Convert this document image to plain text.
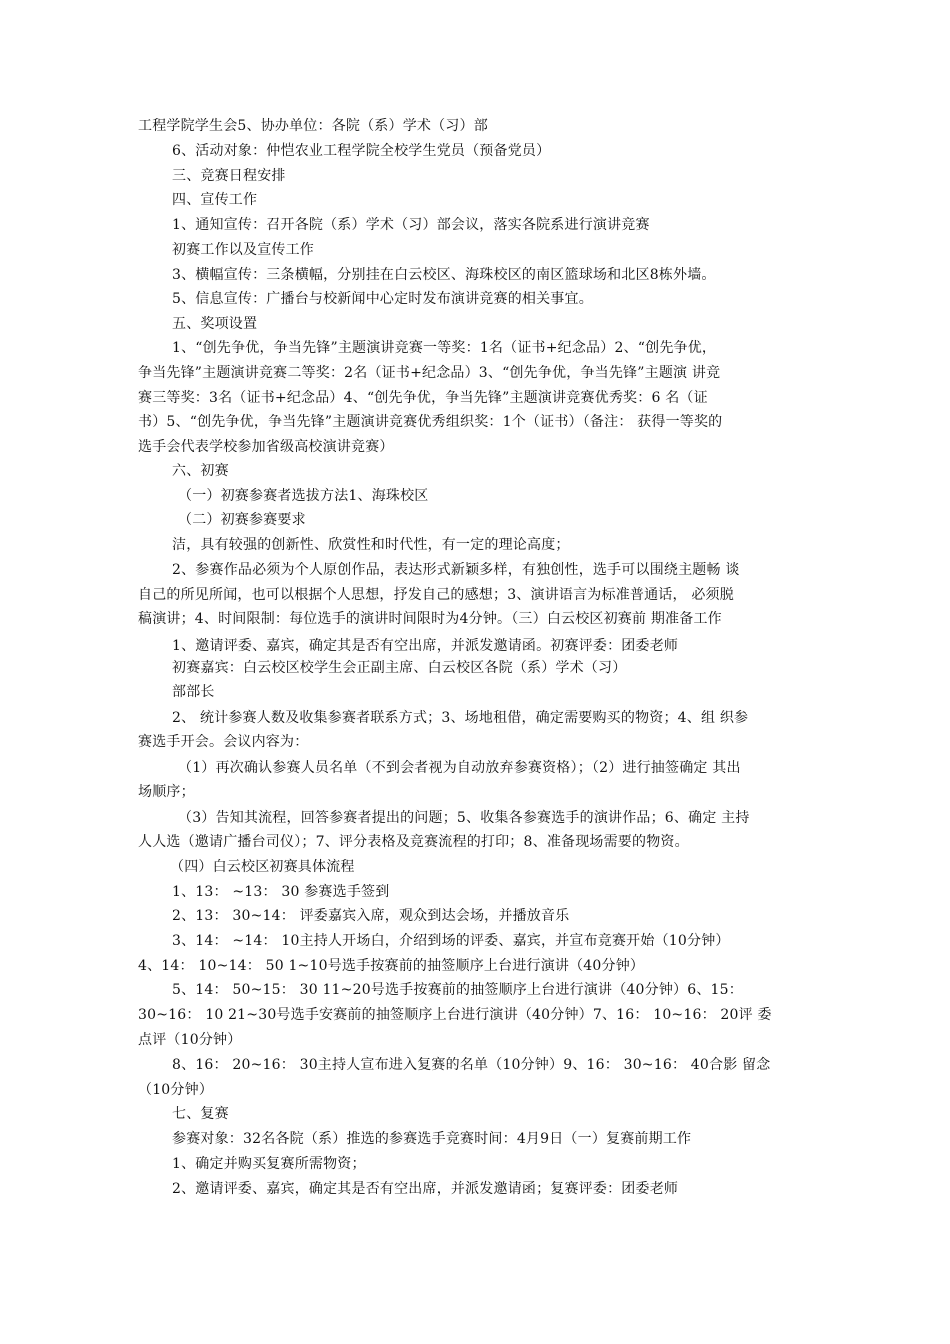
工程学院学生会5、协办单位：各院（系）学术（习）部
6、活动对象：仲恺农业工程学院全校学生党员（预备党员）
三、竞赛日程安排
四、宣传工作
1、通知宣传：召开各院（系）学术（习）部会议，落实各院系进行演讲竞赛
初赛工作以及宣传工作
3、横幅宣传：三条横幅，分别挂在白云校区、海珠校区的南区篮球场和北区8栋外墙。
5、信息宣传：广播台与校新闻中心定时发布演讲竞赛的相关事宜。
五、奖项设置
1、“创先争优，争当先锋”主题演讲竞赛一等奖：1名（证书+纪念品）2、“创先争优，
争当先锋”主题演讲竞赛二等奖：2名（证书+纪念品）3、“创先争优，争当先锋”主题演 讲竞
赛三等奖：3名（证书+纪念品）4、“创先争优，争当先锋”主题演讲竞赛优秀奖：6 名（证
书）5、“创先争优，争当先锋”主题演讲竞赛优秀组织奖：1个（证书）（备注： 获得一等奖的
选手会代表学校参加省级高校演讲竞赛）
六、初赛
（一）初赛参赛者选拔方法1、海珠校区
（二）初赛参赛要求
洁，具有较强的创新性、欣赏性和时代性，有一定的理论高度；
2、参赛作品必须为个人原创作品，表达形式新颖多样，有独创性，选手可以围绕主题畅 谈
自己的所见所闻，也可以根据个人思想，抒发自己的感想；3、演讲语言为标准普通话， 必须脱
稿演讲；4、时间限制：每位选手的演讲时间限时为4分钟。（三）白云校区初赛前 期准备工作
1、邀请评委、嘉宾，确定其是否有空出席，并派发邀请函。初赛评委：团委老师
初赛嘉宾：白云校区校学生会正副主席、白云校区各院（系）学术（习）
部部长
2、 统计参赛人数及收集参赛者联系方式；3、场地租借，确定需要购买的物资；4、组 织参
赛选手开会。会议内容为：
（1）再次确认参赛人员名单（不到会者视为自动放弃参赛资格）；（2）进行抽签确定 其出
场顺序；
（3）告知其流程，回答参赛者提出的问题；5、收集各参赛选手的演讲作品；6、确定 主持
人人选（邀请广播台司仪）；7、评分表格及竞赛流程的打印；8、准备现场需要的物资。
（四）白云校区初赛具体流程
1、13： ~13： 30 参赛选手签到
2、13： 30~14： 评委嘉宾入席，观众到达会场，并播放音乐
3、14： ~14： 10主持人开场白，介绍到场的评委、嘉宾，并宣布竞赛开始（10分钟）
4、14： 10~14： 50 1~10号选手按赛前的抽签顺序上台进行演讲（40分钟）
5、14： 50~15： 30 11~20号选手按赛前的抽签顺序上台进行演讲（40分钟）6、15：
30~16： 10 21~30号选手安赛前的抽签顺序上台进行演讲（40分钟）7、16： 10~16： 20评 委
点评（10分钟）
8、16： 20~16： 30主持人宣布进入复赛的名单（10分钟）9、16： 30~16： 40合影 留念
（10分钟）
七、复赛
参赛对象：32名各院（系）推选的参赛选手竞赛时间：4月9日（一）复赛前期工作
1、确定并购买复赛所需物资；
2、邀请评委、嘉宾，确定其是否有空出席，并派发邀请函；复赛评委：团委老师
